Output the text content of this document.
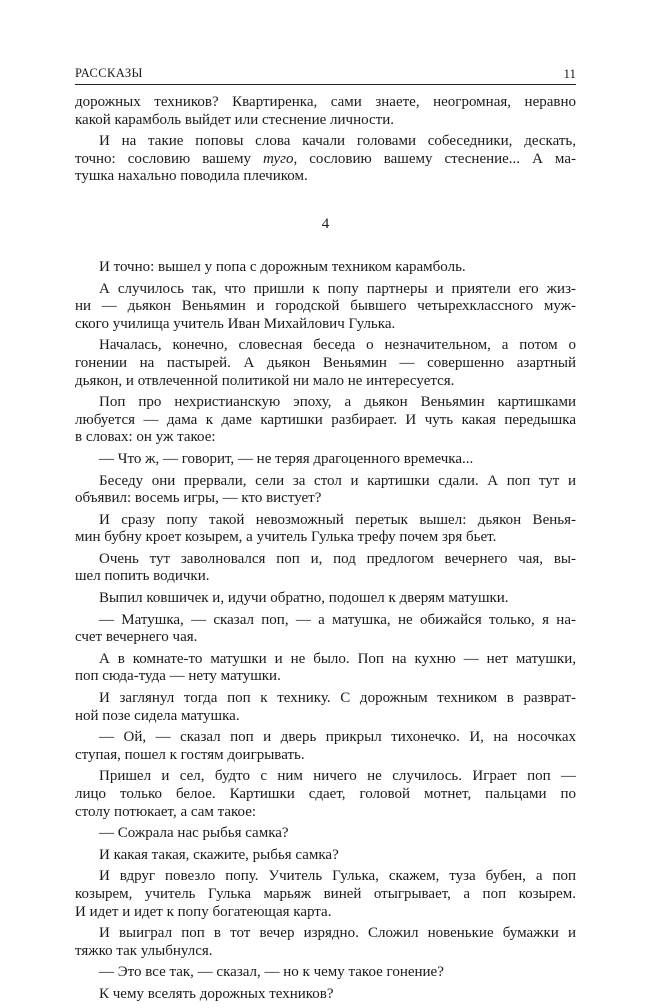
РАССКАЗЫ	11
дорожных техников? Квартиренка, сами знаете, неогромная, неравно
какой карамболь выйдет или стеснение личности.
И на такие поповы слова качали головами собеседники, дескать,
точно: сословию вашему туго, сословию вашему стеснение... А ма-
тушка нахально поводила плечиком.
4
И точно: вышел у попа с дорожным техником карамболь.
А случилось так, что пришли к попу партнеры и приятели его жиз-
ни — дьякон Веньямин и городской бывшего четырехклассного муж-
ского училища учитель Иван Михайлович Гулька.
Началась, конечно, словесная беседа о незначительном, а потом о
гонении на пастырей. А дьякон Веньямин — совершенно азартный
дьякон, и отвлеченной политикой ни мало не интересуется.
Поп про нехристианскую эпоху, а дьякон Веньямин картишками
любуется — дама к даме картишки разбирает. И чуть какая передышка
в словах: он уж такое:
— Что ж, — говорит, — не теряя драгоценного времечка...
Беседу они прервали, сели за стол и картишки сдали. А поп тут и
объявил: восемь игры, — кто вистует?
И сразу попу такой невозможный перетык вышел: дьякон Венья-
мин бубну кроет козырем, а учитель Гулька трефу почем зря бьет.
Очень тут заволновался поп и, под предлогом вечернего чая, вы-
шел попить водички.
Выпил ковшичек и, идучи обратно, подошел к дверям матушки.
— Матушка, — сказал поп, — а матушка, не обижайся только, я на-
счет вечернего чая.
А в комнате-то матушки и не было. Поп на кухню — нет матушки,
поп сюда-туда — нету матушки.
И заглянул тогда поп к технику. С дорожным техником в разврат-
ной позе сидела матушка.
— Ой, — сказал поп и дверь прикрыл тихонечко. И, на носочках
ступая, пошел к гостям доигрывать.
Пришел и сел, будто с ним ничего не случилось. Играет поп —
лицо только белое. Картишки сдает, головой мотнет, пальцами по
столу потюкает, а сам такое:
— Сожрала нас рыбья самка?
И какая такая, скажите, рыбья самка?
И вдруг повезло попу. Учитель Гулька, скажем, туза бубен, а поп
козырем, учитель Гулька марьяж виней отыгрывает, а поп козырем.
И идет и идет к попу богатеющая карта.
И выиграл поп в тот вечер изрядно. Сложил новенькие бумажки и
тяжко так улыбнулся.
— Это все так, — сказал, — но к чему такое гонение?
К чему вселять дорожных техников?
